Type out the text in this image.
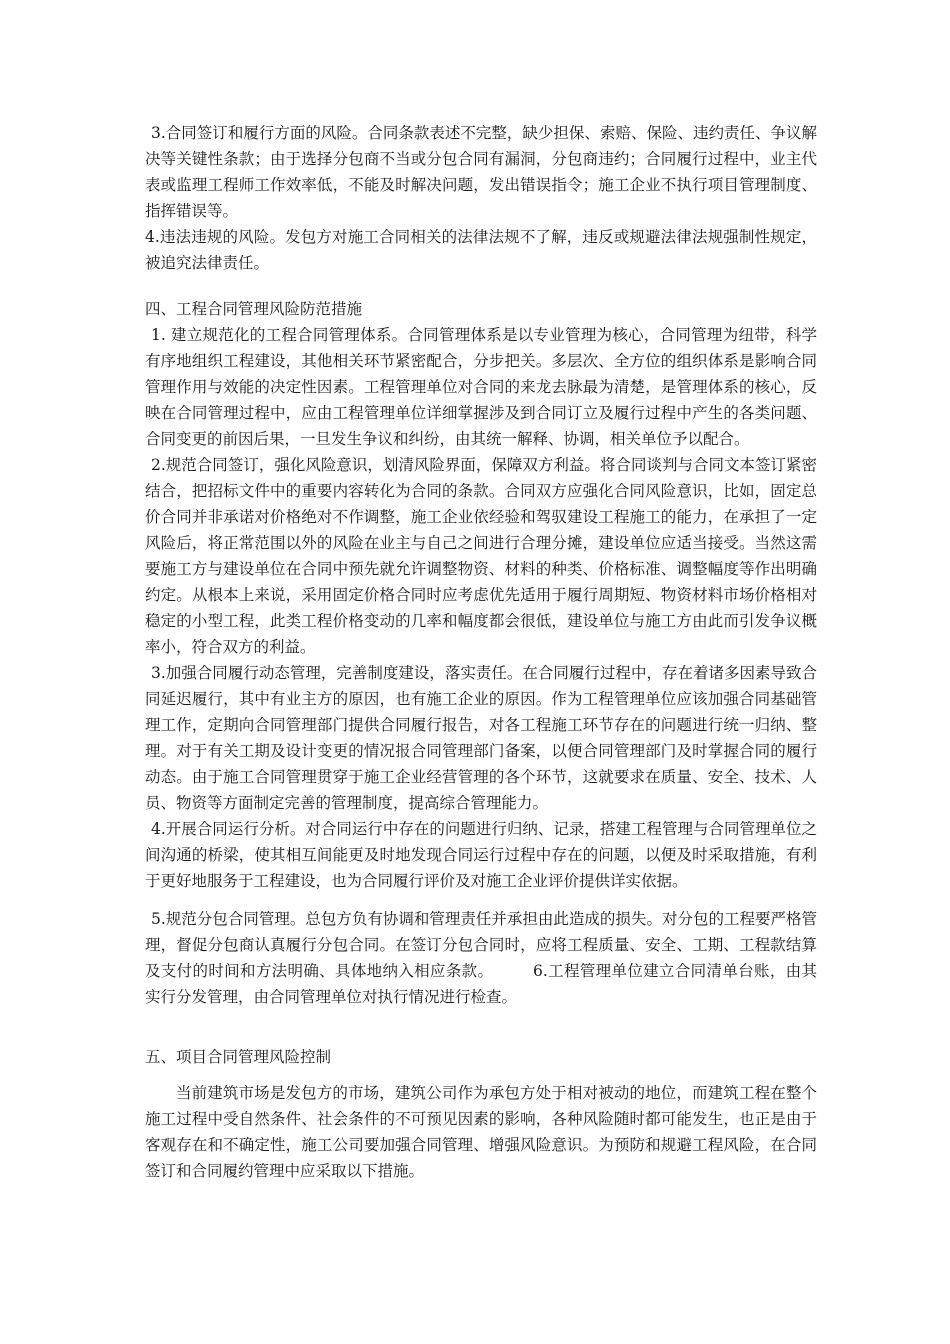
3.合同签订和履行方面的风险。合同条款表述不完整，缺少担保、索赔、保险、违约责任、争议解决等关键性条款；由于选择分包商不当或分包合同有漏洞，分包商违约；合同履行过程中，业主代表或监理工程师工作效率低，不能及时解决问题，发出错误指令；施工企业不执行项目管理制度、指挥错误等。

4.违法违规的风险。发包方对施工合同相关的法律法规不了解，违反或规避法律法规强制性规定，被追究法律责任。

四、工程合同管理风险防范措施

1. 建立规范化的工程合同管理体系。合同管理体系是以专业管理为核心，合同管理为纽带，科学有序地组织工程建设，其他相关环节紧密配合，分步把关。多层次、全方位的组织体系是影响合同管理作用与效能的决定性因素。工程管理单位对合同的来龙去脉最为清楚，是管理体系的核心，反映在合同管理过程中，应由工程管理单位详细掌握涉及到合同订立及履行过程中产生的各类问题、合同变更的前因后果，一旦发生争议和纠纷，由其统一解释、协调，相关单位予以配合。

2.规范合同签订，强化风险意识，划清风险界面，保障双方利益。将合同谈判与合同文本签订紧密结合，把招标文件中的重要内容转化为合同的条款。合同双方应强化合同风险意识，比如，固定总价合同并非承诺对价格绝对不作调整，施工企业依经验和驾驭建设工程施工的能力，在承担了一定风险后，将正常范围以外的风险在业主与自己之间进行合理分摊，建设单位应适当接受。当然这需要施工方与建设单位在合同中预先就允许调整物资、材料的种类、价格标准、调整幅度等作出明确约定。从根本上来说，采用固定价格合同时应考虑优先适用于履行周期短、物资材料市场价格相对稳定的小型工程，此类工程价格变动的几率和幅度都会很低，建设单位与施工方由此而引发争议概率小，符合双方的利益。

3.加强合同履行动态管理，完善制度建设，落实责任。在合同履行过程中，存在着诸多因素导致合同延迟履行，其中有业主方的原因，也有施工企业的原因。作为工程管理单位应该加强合同基础管理工作，定期向合同管理部门提供合同履行报告，对各工程施工环节存在的问题进行统一归纳、整理。对于有关工期及设计变更的情况报合同管理部门备案，以便合同管理部门及时掌握合同的履行动态。由于施工合同管理贯穿于施工企业经营管理的各个环节，这就要求在质量、安全、技术、人员、物资等方面制定完善的管理制度，提高综合管理能力。

4.开展合同运行分析。对合同运行中存在的问题进行归纳、记录，搭建工程管理与合同管理单位之间沟通的桥梁，使其相互间能更及时地发现合同运行过程中存在的问题，以便及时采取措施，有利于更好地服务于工程建设，也为合同履行评价及对施工企业评价提供详实依据。

5.规范分包合同管理。总包方负有协调和管理责任并承担由此造成的损失。对分包的工程要严格管理，督促分包商认真履行分包合同。在签订分包合同时，应将工程质量、安全、工期、工程款结算及支付的时间和方法明确、具体地纳入相应条款。　　　6.工程管理单位建立合同清单台账，由其实行分发管理，由合同管理单位对执行情况进行检查。

五、项目合同管理风险控制

当前建筑市场是发包方的市场，建筑公司作为承包方处于相对被动的地位，而建筑工程在整个施工过程中受自然条件、社会条件的不可预见因素的影响，各种风险随时都可能发生，也正是由于客观存在和不确定性，施工公司要加强合同管理、增强风险意识。为预防和规避工程风险，在合同签订和合同履约管理中应采取以下措施。
